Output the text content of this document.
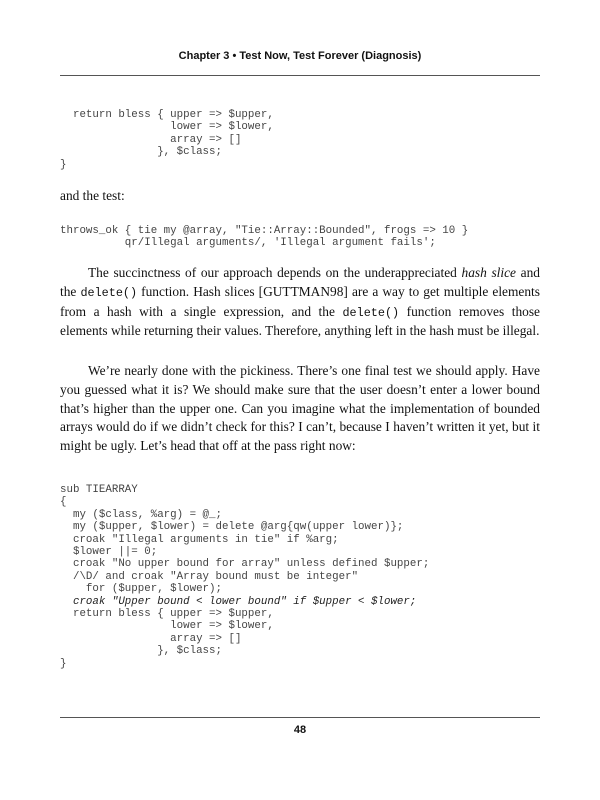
Chapter 3 • Test Now, Test Forever (Diagnosis)
return bless { upper => $upper,
lower => $lower,
array => []
}, $class;
}

and the test:

throws_ok { tie my @array, "Tie::Array::Bounded", frogs => 10 }
qr/Illegal arguments/, 'Illegal argument fails';

The succinctness of our approach depends on the underappreciated hash slice and the delete() function. Hash slices [GUTTMAN98] are a way to get multiple elements from a hash with a single expression, and the delete() function removes those elements while returning their values. Therefore, anything left in the hash must be illegal.

We’re nearly done with the pickiness. There’s one final test we should apply. Have you guessed what it is? We should make sure that the user doesn’t enter a lower bound that’s higher than the upper one. Can you imagine what the implementation of bounded arrays would do if we didn’t check for this? I can’t, because I haven’t written it yet, but it might be ugly. Let’s head that off at the pass right now:

sub TIEARRAY
{
my ($class, %arg) = @_;
my ($upper, $lower) = delete @arg{qw(upper lower)};
croak "Illegal arguments in tie" if %arg;
$lower ||= 0;
croak "No upper bound for array" unless defined $upper;
/\D/ and croak "Array bound must be integer"
for ($upper, $lower);
croak "Upper bound < lower bound" if $upper < $lower;
return bless { upper => $upper,
lower => $lower,
array => []
}, $class;
}
48
